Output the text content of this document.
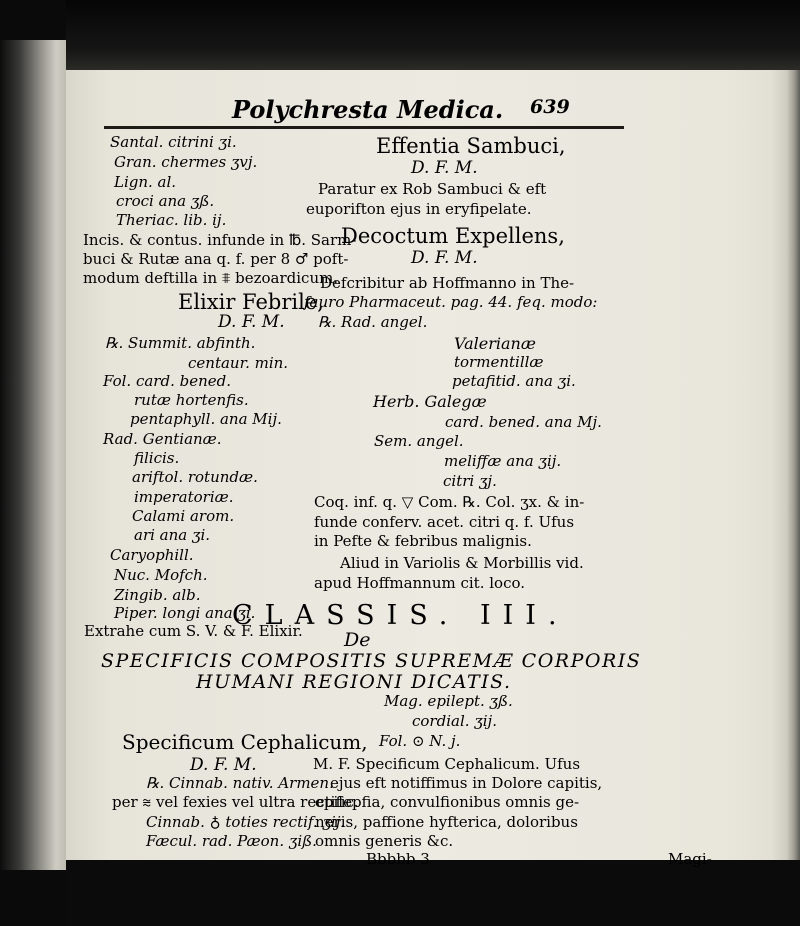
Polychresta Medica. 639
Santal. citrini ʒi.
Gran. chermes ʒvj.
Lign. al.
croci ana ʒß.
Theriac. lib. ij.
Incis. & contus. infunde in ℔. Sarm-
buci & Rutæ ana q. f. per 8 ♂ poft-
modum deftilla in ⩨ bezoardicum.
Elixir Febrile,
D. F. M.
℞. Summit. abfinth.
centaur. min.
Fol. card. bened.
rutæ hortenfis.
pentaphyll. ana Mij.
Rad. Gentianæ.
filicis.
ariftol. rotundæ.
imperatoriæ.
Calami arom.
ari ana ʒi.
Caryophill.
Nuc. Mofch.
Zingib. alb.
Piper. longi ana ʒi.
Extrahe cum S. V. & F. Elixir.
Effentia Sambuci,
D. F. M.
Paratur ex Rob Sambuci & eft
euporifton ejus in eryfipelate.
Decoctum Expellens,
D. F. M.
Defcribitur ab Hoffmanno in The-
fauro Pharmaceut. pag. 44. feq. modo:
℞. Rad. angel.
Valerianæ
tormentillæ
petafitid. ana ʒi.
Herb. Galegæ
card. bened. ana Mj.
Sem. angel.
meliffæ ana ʒij.
citri ʒj.
Coq. inf. q. ▽ Com. ℞. Col. ʒx. & in-
funde conferv. acet. citri q. f. Ufus
in Pefte & febribus malignis.
Aliud in Variolis & Morbillis vid.
apud Hoffmannum cit. loco.
CLASSIS. III.
De
SPECIFICIS COMPOSITIS SUPREMÆ CORPORIS
HUMANI REGIONI DICATIS.
Specificum Cephalicum,
D. F. M.
℞. Cinnab. nativ. Armen.
per ⩬ vel fexies vel ultra rectific.
Cinnab. ♁ toties rectif. ʒij.
Fæcul. rad. Pæon. ʒiß.
Mag. epilept. ʒß.
cordial. ʒij.
Fol. ⊙ N. j.
M. F. Specificum Cephalicum. Ufus
ejus eft notiffimus in Dolore capitis,
epilepfia, convulfionibus omnis ge-
neris, paffione hyfterica, doloribus
omnis generis &c.
Bbbbb 3	Magi-
